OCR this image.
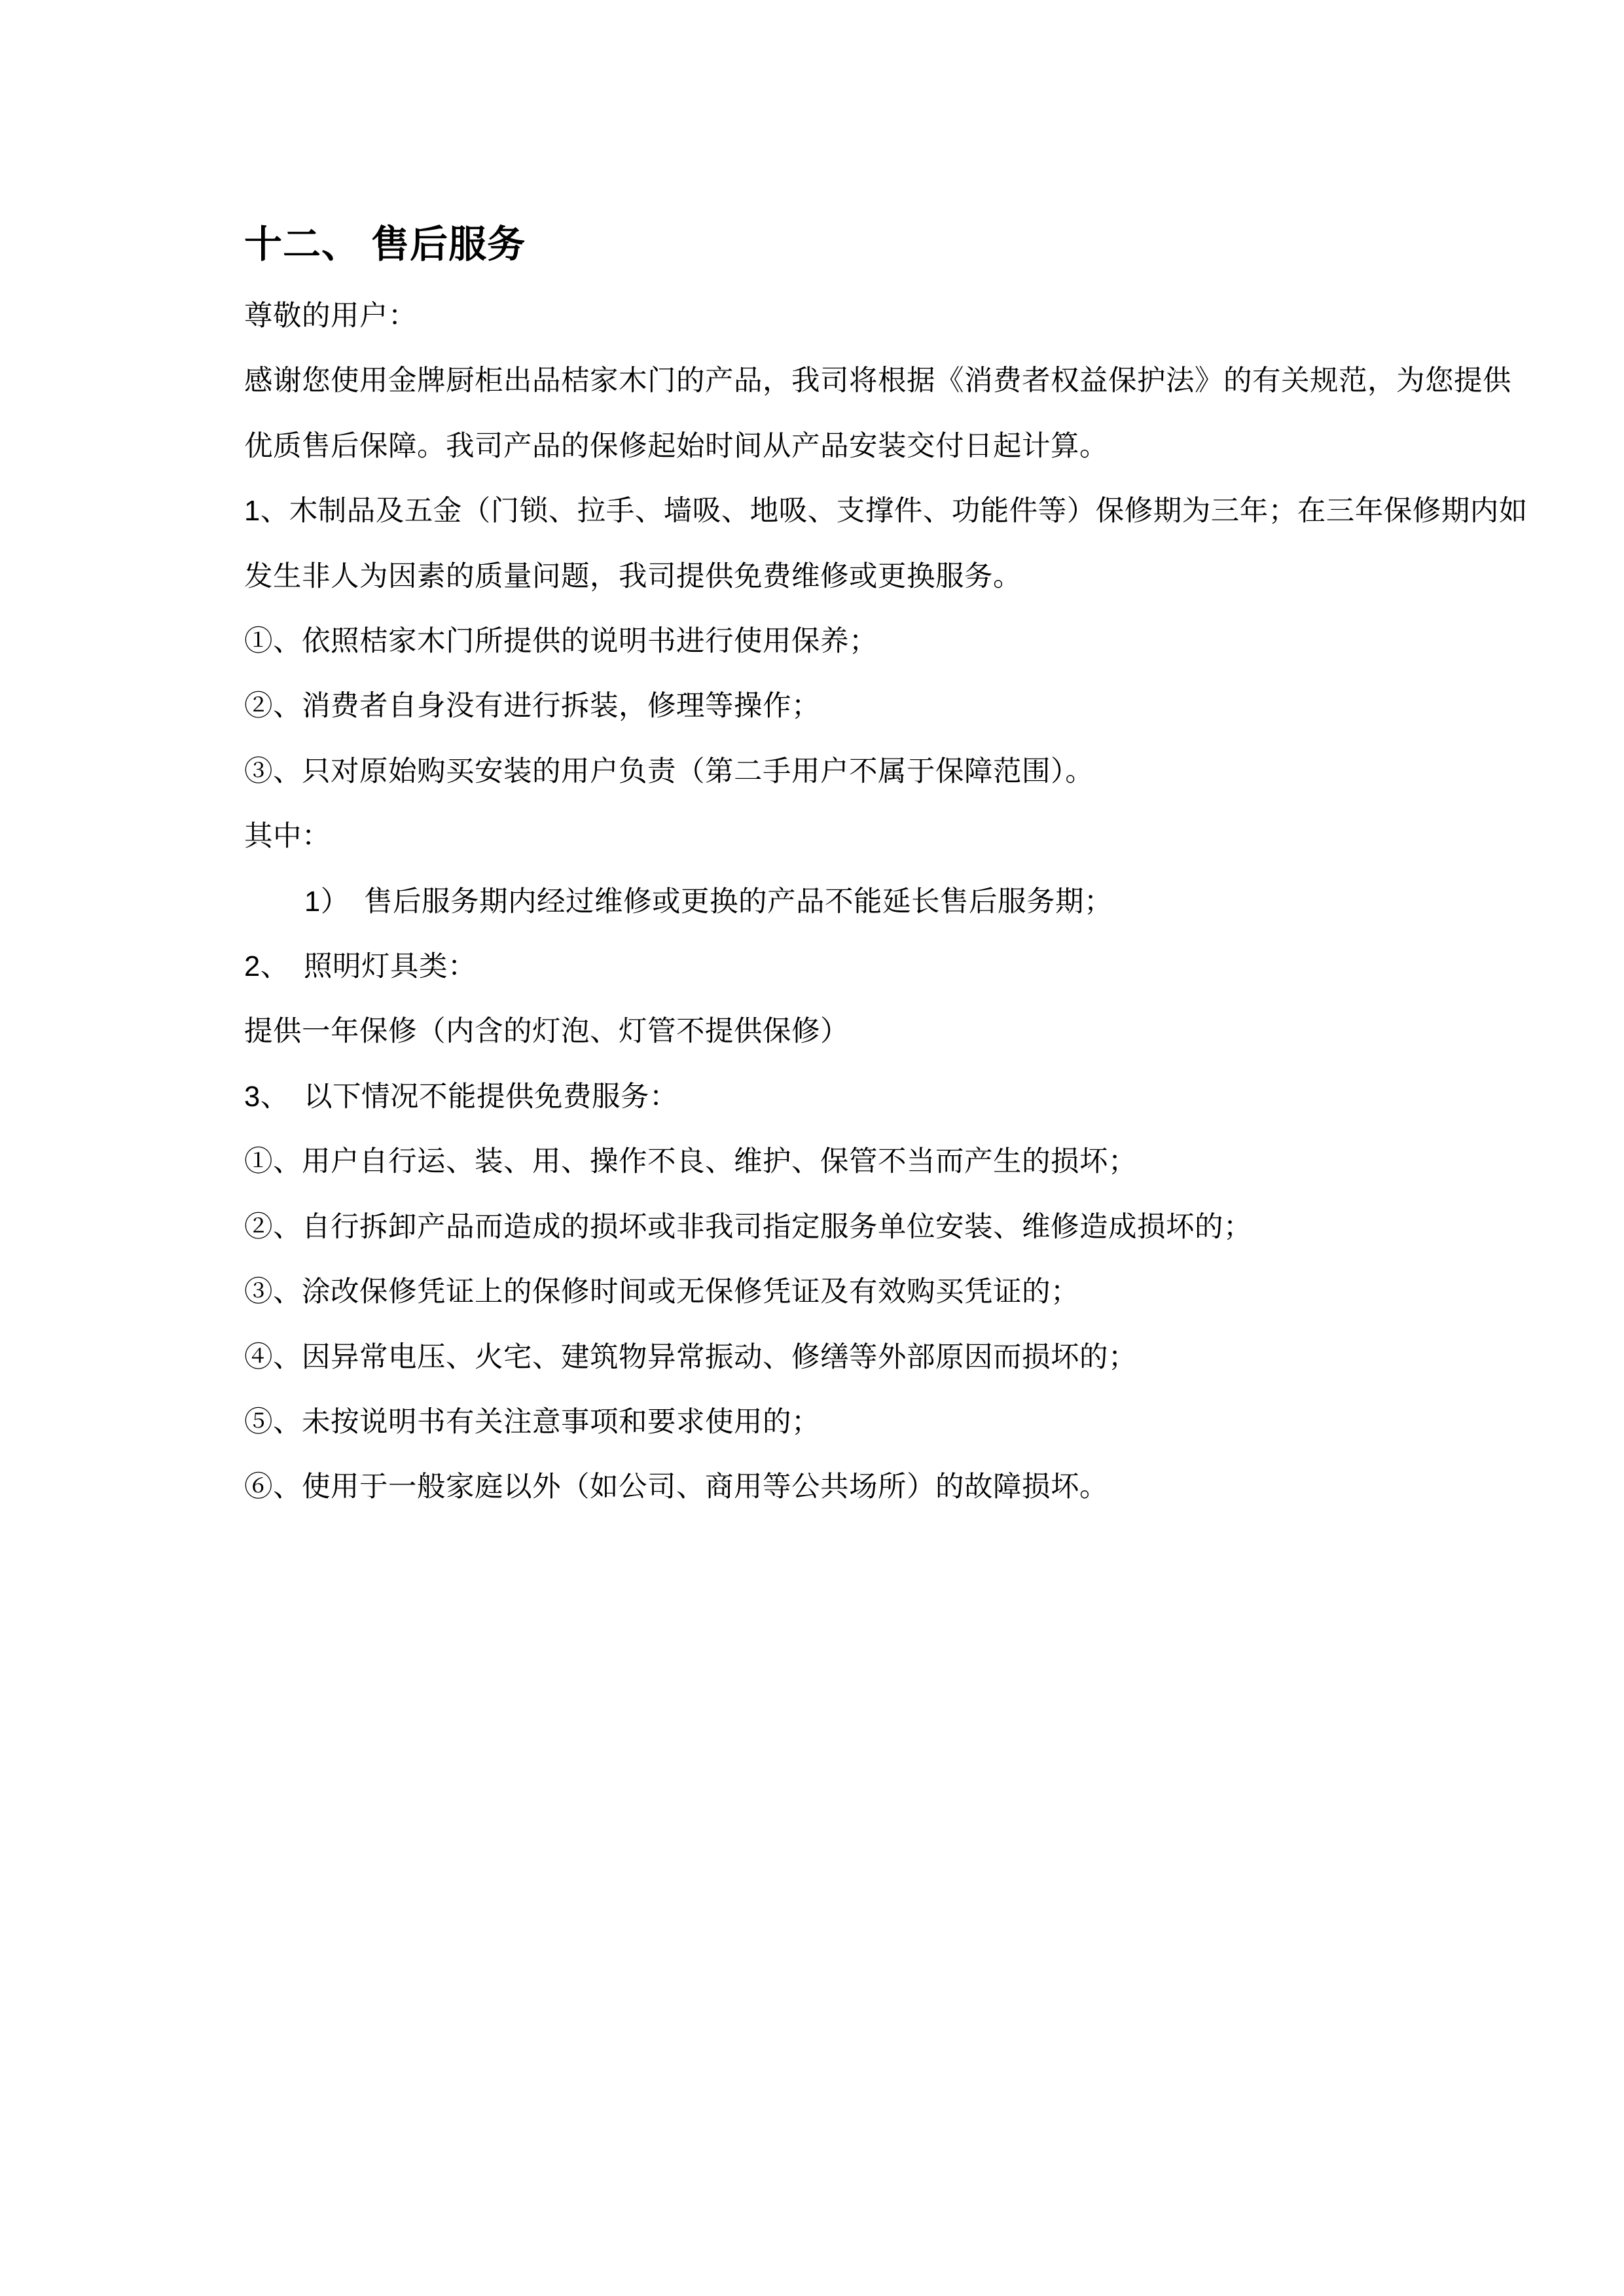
十二、 售后服务
尊敬的用户：
感谢您使用金牌厨柜出品桔家木门的产品，我司将根据《消费者权益保护法》的有关规范，为您提供
优质售后保障。我司产品的保修起始时间从产品安装交付日起计算。
1、木制品及五金（门锁、拉手、墙吸、地吸、支撑件、功能件等）保修期为三年；在三年保修期内如
发生非人为因素的质量问题，我司提供免费维修或更换服务。
①、依照桔家木门所提供的说明书进行使用保养；
②、消费者自身没有进行拆装，修理等操作；
③、只对原始购买安装的用户负责（第二手用户不属于保障范围）。
其中：
1）　售后服务期内经过维修或更换的产品不能延长售后服务期；
2、　照明灯具类：
提供一年保修（内含的灯泡、灯管不提供保修）
3、　以下情况不能提供免费服务：
①、用户自行运、装、用、操作不良、维护、保管不当而产生的损坏；
②、自行拆卸产品而造成的损坏或非我司指定服务单位安装、维修造成损坏的；
③、涂改保修凭证上的保修时间或无保修凭证及有效购买凭证的；
④、因异常电压、火宅、建筑物异常振动、修缮等外部原因而损坏的；
⑤、未按说明书有关注意事项和要求使用的；
⑥、使用于一般家庭以外（如公司、商用等公共场所）的故障损坏。
